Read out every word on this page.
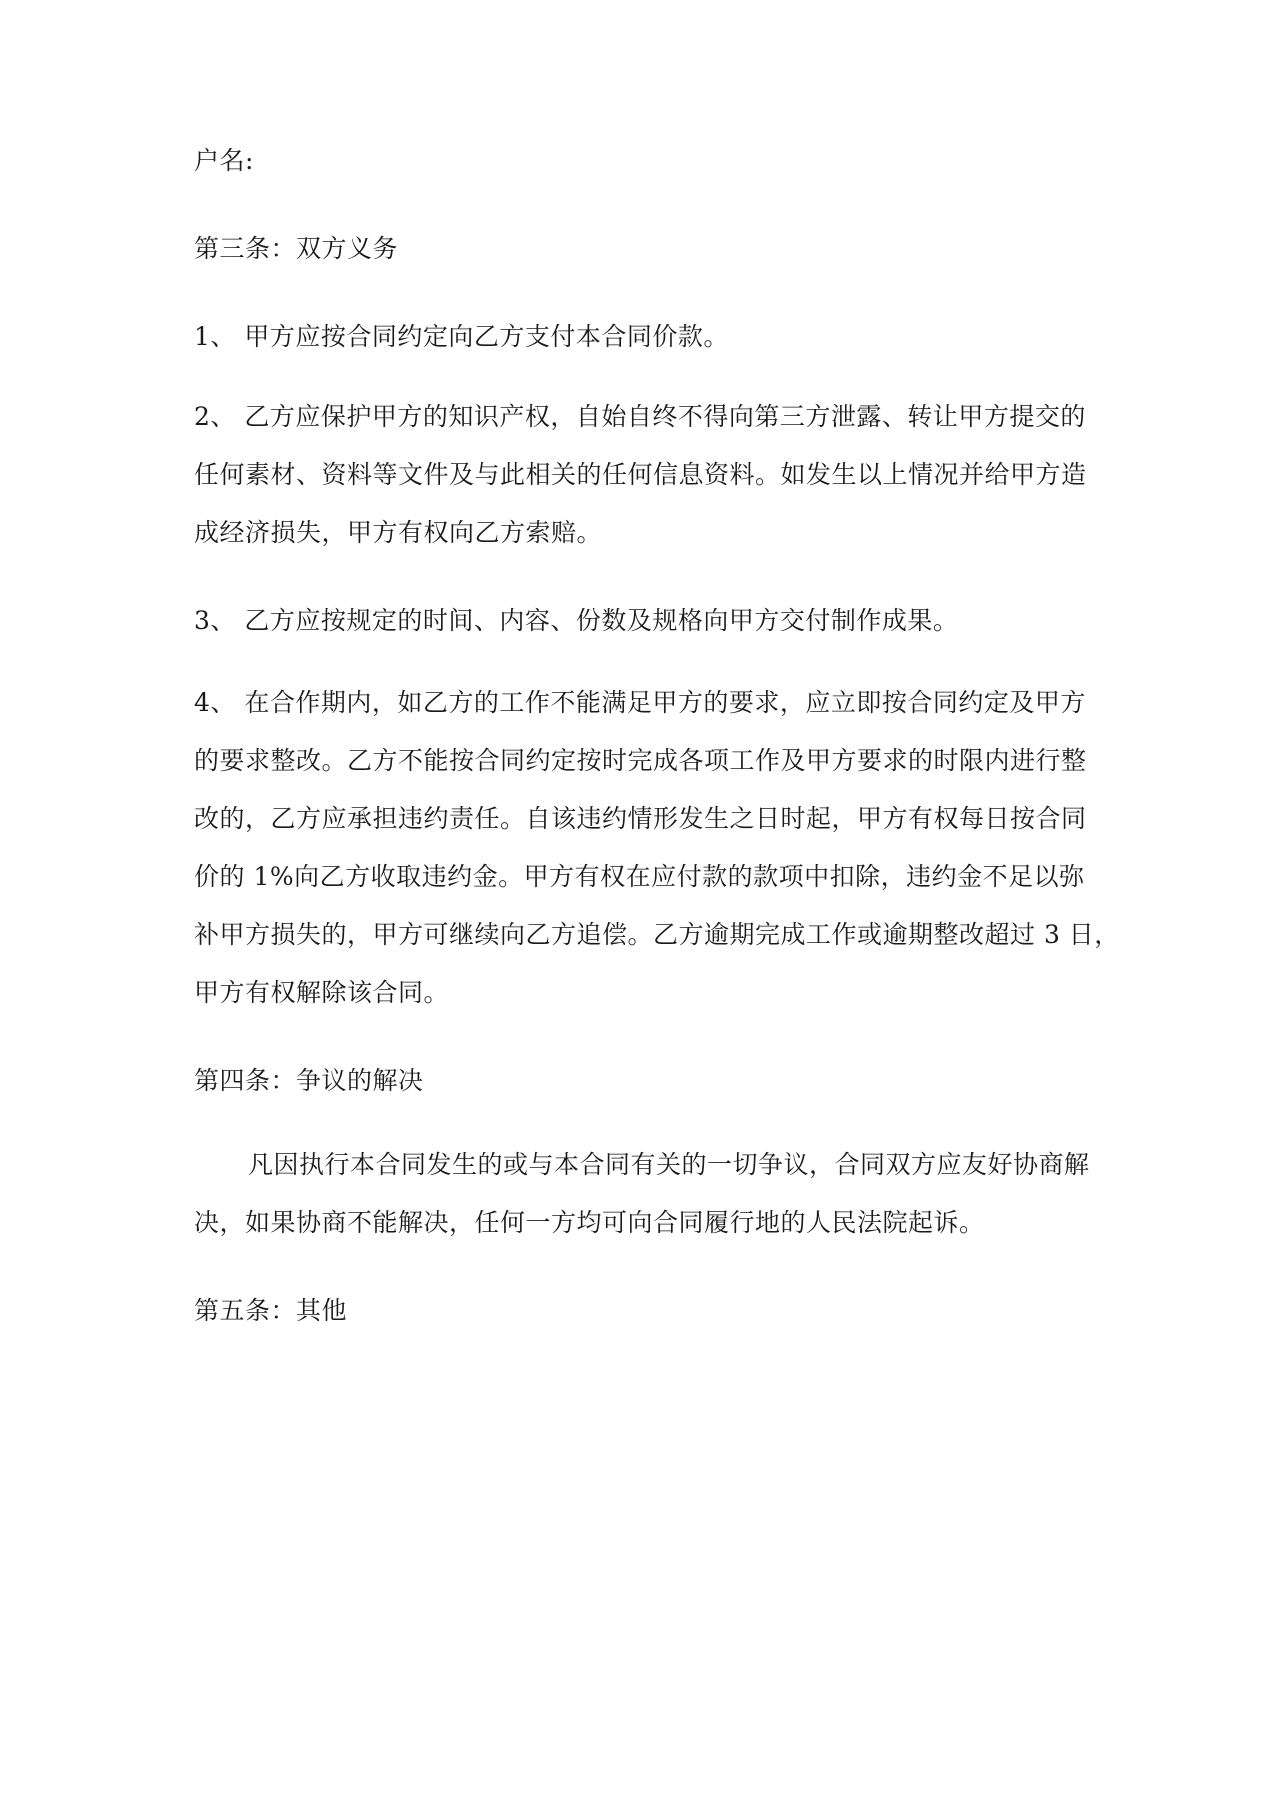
户名:

第三条：双方义务

1、 甲方应按合同约定向乙方支付本合同价款。

2、 乙方应保护甲方的知识产权，自始自终不得向第三方泄露、转让甲方提交的

任何素材、资料等文件及与此相关的任何信息资料。如发生以上情况并给甲方造

成经济损失，甲方有权向乙方索赔。

3、 乙方应按规定的时间、内容、份数及规格向甲方交付制作成果。

4、 在合作期内，如乙方的工作不能满足甲方的要求，应立即按合同约定及甲方

的要求整改。乙方不能按合同约定按时完成各项工作及甲方要求的时限内进行整

改的，乙方应承担违约责任。自该违约情形发生之日时起，甲方有权每日按合同

价的 1%向乙方收取违约金。甲方有权在应付款的款项中扣除，违约金不足以弥

补甲方损失的，甲方可继续向乙方追偿。乙方逾期完成工作或逾期整改超过 3 日，

甲方有权解除该合同。

第四条：争议的解决

凡因执行本合同发生的或与本合同有关的一切争议，合同双方应友好协商解

决，如果协商不能解决，任何一方均可向合同履行地的人民法院起诉。

第五条：其他
